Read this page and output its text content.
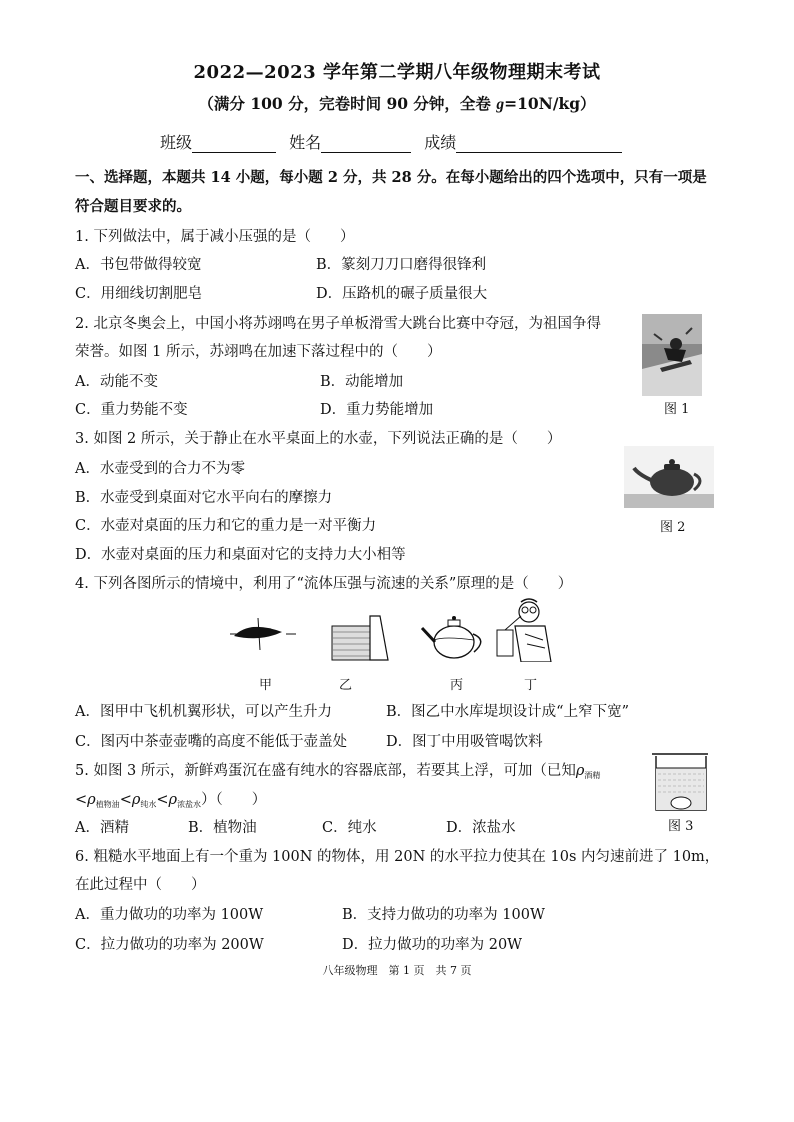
2022—2023 学年第二学期八年级物理期末考试
（满分 100 分，完卷时间 90 分钟，全卷 g=10N/kg）
班级	姓名	成绩
一、选择题，本题共 14 小题，每小题 2 分，共 28 分。在每小题给出的四个选项中，只有一项是
符合题目要求的。
1. 下列做法中，属于减小压强的是（　　）
A．书包带做得较宽	B．篆刻刀刀口磨得很锋利
C．用细线切割肥皂	D．压路机的碾子质量很大
2. 北京冬奥会上，中国小将苏翊鸣在男子单板滑雪大跳台比赛中夺冠，为祖国争得
荣誉。如图 1 所示，苏翊鸣在加速下落过程中的（　　）
A．动能不变	B．动能增加
C．重力势能不变	D．重力势能增加	图 1
3. 如图 2 所示，关于静止在水平桌面上的水壶，下列说法正确的是（　　）
A．水壶受到的合力不为零
B．水壶受到桌面对它水平向右的摩擦力
C．水壶对桌面的压力和它的重力是一对平衡力
D．水壶对桌面的压力和桌面对它的支持力大小相等
图 2
4. 下列各图所示的情境中，利用了“流体压强与流速的关系”原理的是（　　）
甲	乙	丙	丁
A．图甲中飞机机翼形状，可以产生升力	B．图乙中水库堤坝设计成“上窄下宽”
C．图丙中茶壶壶嘴的高度不能低于壶盖处	D．图丁中用吸管喝饮料
5. 如图 3 所示，新鲜鸡蛋沉在盛有纯水的容器底部，若要其上浮，可加（已知$\rho_{酒精}$
$<\rho_{植物油}<\rho_{纯水}<\rho_{浓盐水}$）（　　）
A．酒精	B．植物油	C．纯水	D．浓盐水	图 3
6. 粗糙水平地面上有一个重为 100N 的物体，用 20N 的水平拉力使其在 10s 内匀速前进了 10m，
在此过程中（　　）
A．重力做功的功率为 100W	B．支持力做功的功率为 100W
C．拉力做功的功率为 200W	D．拉力做功的功率为 20W
八年级物理　第 1 页　共 7 页
